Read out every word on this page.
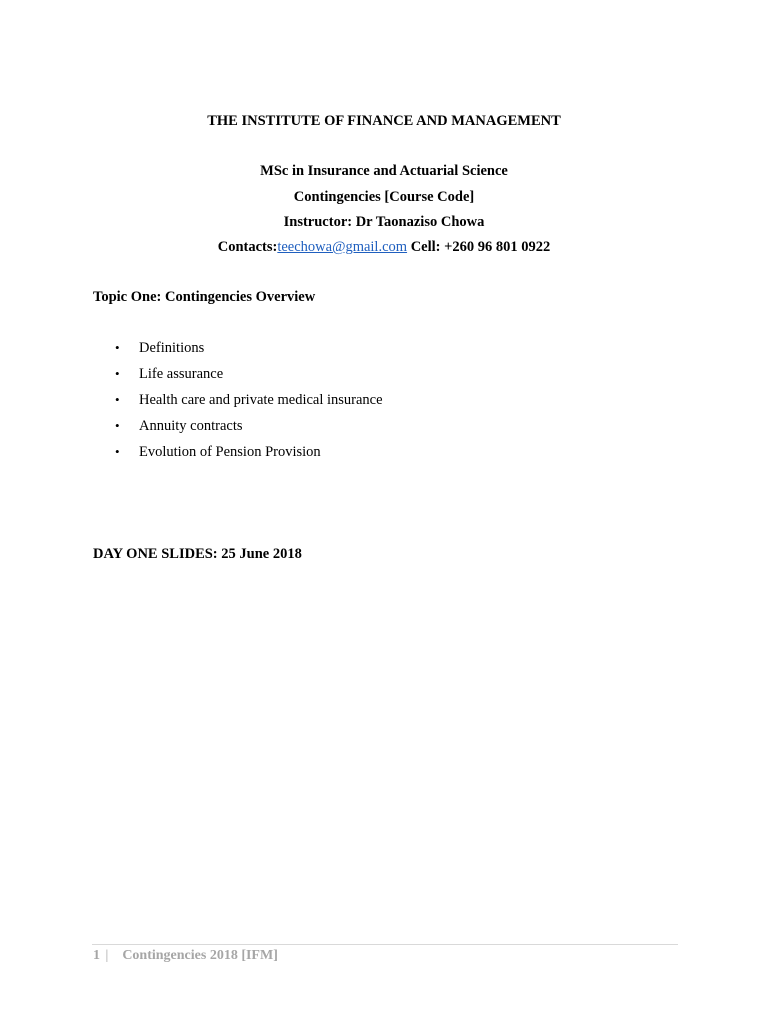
THE INSTITUTE OF FINANCE AND MANAGEMENT
MSc in Insurance and Actuarial Science
Contingencies [Course Code]
Instructor: Dr Taonaziso Chowa
Contacts:teechowa@gmail.com Cell: +260 96 801 0922
Topic One: Contingencies Overview
• Definitions
• Life assurance
• Health care and private medical insurance
• Annuity contracts
• Evolution of Pension Provision
DAY ONE SLIDES: 25 June 2018
1 | Contingencies 2018 [IFM]
